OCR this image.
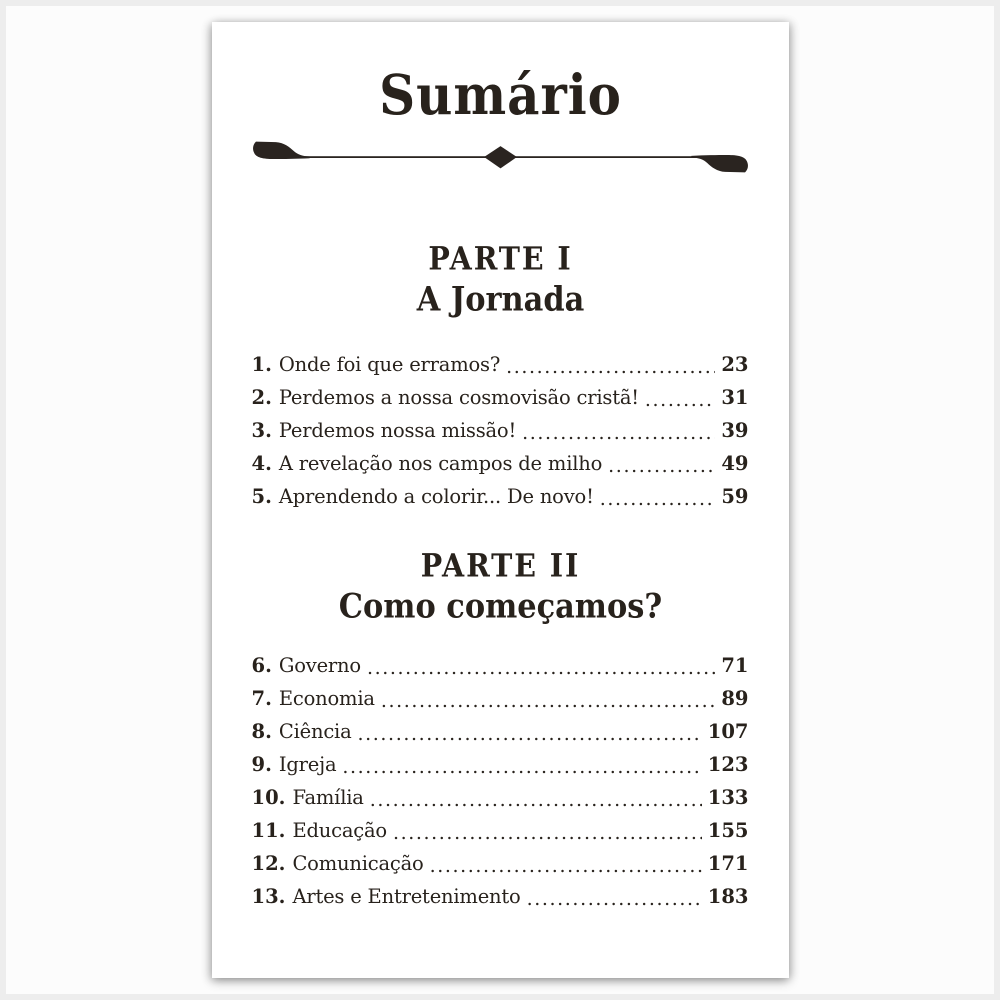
Sumário
PARTE I
A Jornada
1. Onde foi que erramos?	23
2. Perdemos a nossa cosmovisão cristã!	31
3. Perdemos nossa missão!	39
4. A revelação nos campos de milho	49
5. Aprendendo a colorir... De novo!	59
PARTE II
Como começamos?
6. Governo	71
7. Economia	89
8. Ciência	107
9. Igreja	123
10. Família	133
11. Educação	155
12. Comunicação	171
13. Artes e Entretenimento	183
